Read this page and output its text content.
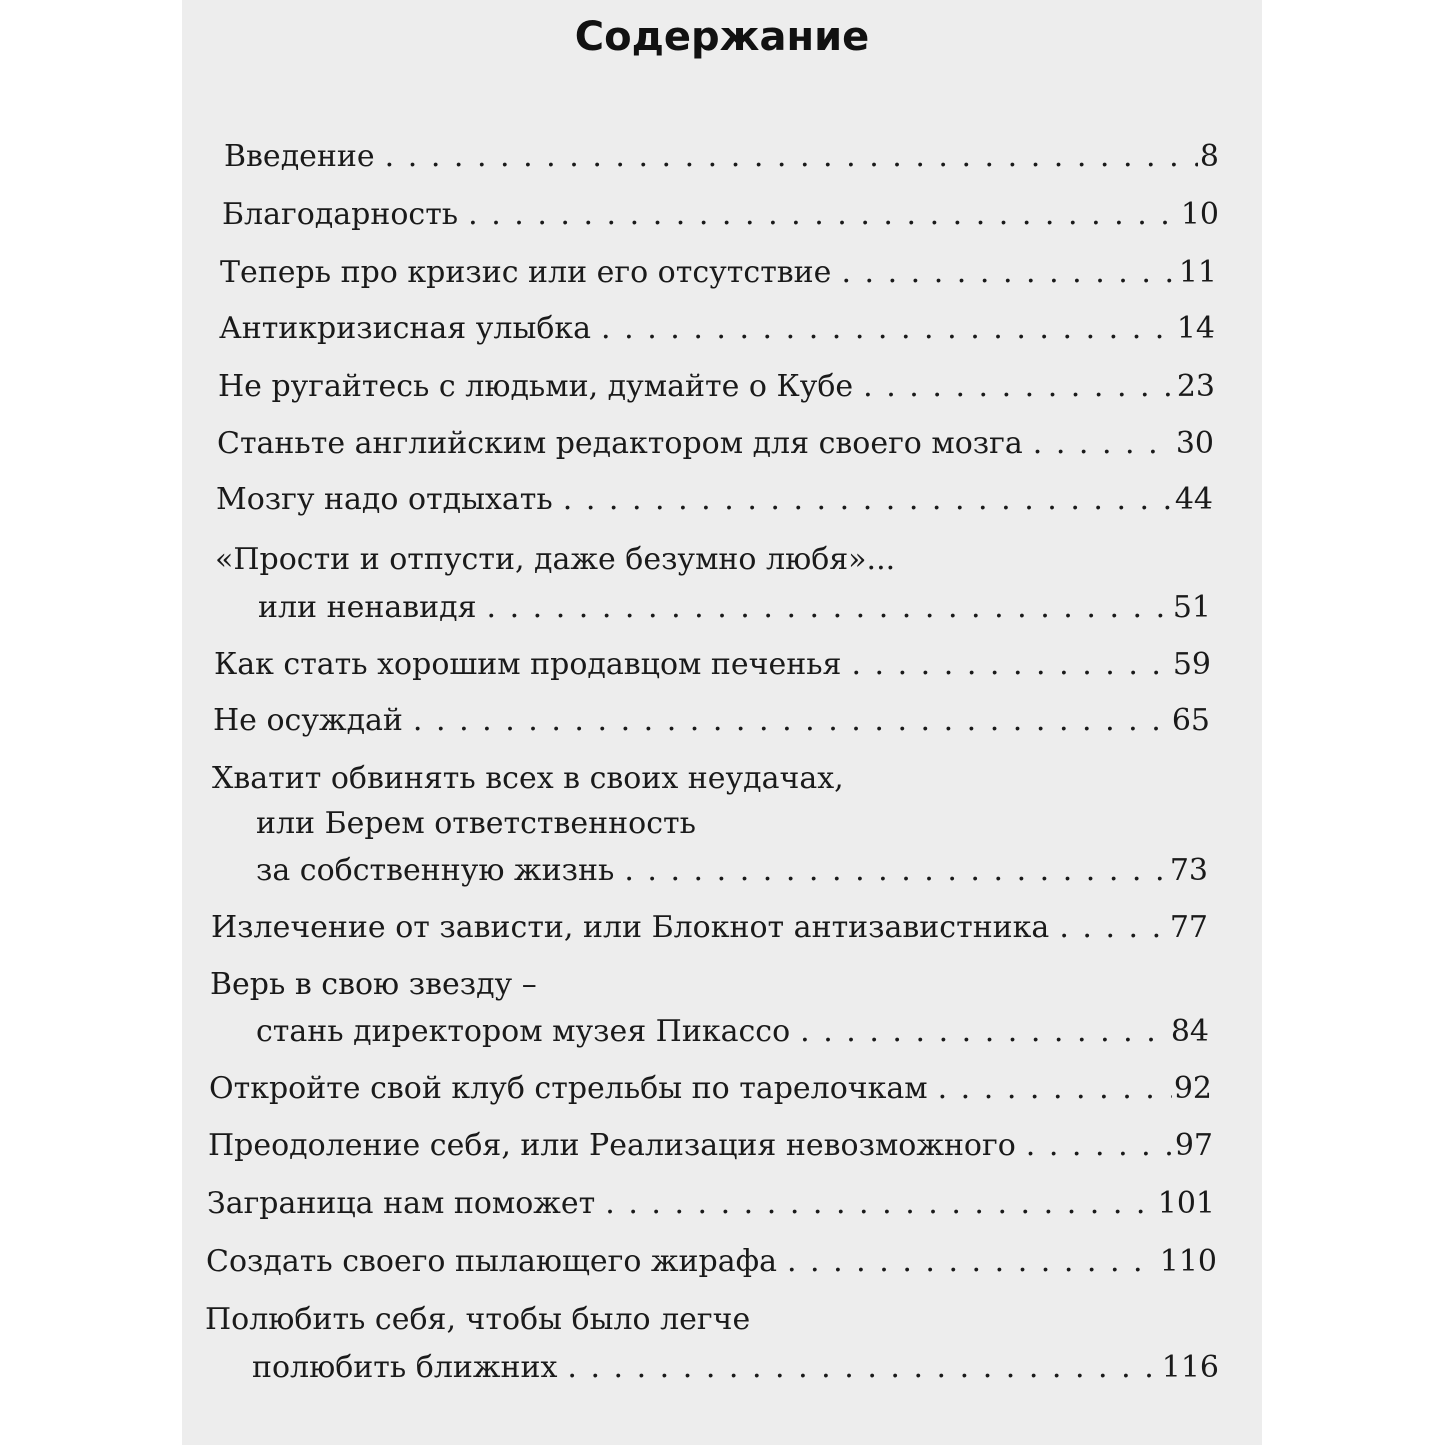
Содержание
Введение . . .	8
Благодарность . . .	10
Теперь про кризис или его отсутствие . . .	11
Антикризисная улыбка . . .	14
Не ругайтесь с людьми, думайте о Кубе . . .	23
Станьте английским редактором для своего мозга . . .	30
Мозгу надо отдыхать . . .	44
«Прости и отпусти, даже безумно любя»...
или ненавидя . . .	51
Как стать хорошим продавцом печенья . . .	59
Не осуждай . . .	65
Хватит обвинять всех в своих неудачах,
или Берем ответственность
за собственную жизнь . . .	73
Излечение от зависти, или Блокнот антизавистника . . .	77
Верь в свою звезду –
стань директором музея Пикассо . . .	84
Откройте свой клуб стрельбы по тарелочкам . . .	92
Преодоление себя, или Реализация невозможного . . .	97
Заграница нам поможет . . .	101
Создать своего пылающего жирафа . . .	110
Полюбить себя, чтобы было легче
полюбить ближних . . .	116
